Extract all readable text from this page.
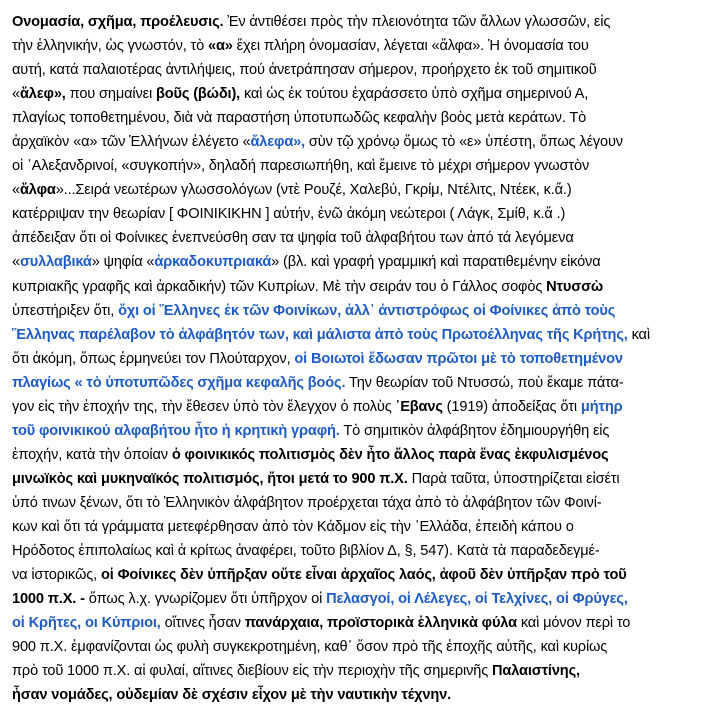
Ονομασία, σχῆμα, προέλευσις. Ἐν ἀντιθέσει πρὸς τὴν πλειονότητα τῶν ἄλλων γλωσσῶν, εἰς
τὴν ἑλληνικήν, ὡς γνωστόν, τὸ «α» ἔχει πλήρη ὀνομασίαν, λέγεται «ἄλφα». Ἡ ὀνομασία του
αυτή, κατά παλαιοτέρας ἀντιλήψεις, πού ἀνετράπησαν σήμερον, προήρχετο ἐκ τοῦ σημιτικοῦ
«ἄλεφ», που σημαίνει βοῦς (βώδι), καὶ ὡς ἐκ τούτου ἐχαράσσετο ὑπὸ σχῆμα σημερινού Α,
πλαγίως τοποθετημένου, διὰ νὰ παραστήση ὑποτυπωδῶς κεφαλὴν βοὸς μετὰ κεράτων. Τὸ
ἀρχαϊκὸν «α» τῶν Ἑλλήνων ἐλέγετο «ἄλεφα», σὺν τῷ χρόνῳ ὅμως τὸ «ε» ὑπέστη, ὅπως λέγουν
οἱ ᾿Αλεξανδρινοί, «συγκοπήν», δηλαδή παρεσιωπήθη, καὶ ἔμεινε τὸ μέχρι σήμερον γνωστὸν
«ἄλφα»...Σειρά νεωτέρων γλωσσολόγων (ντὲ Ρουζέ, Χαλεβύ, Γκρίμ, Ντέλιτς, Ντέεκ, κ.ἄ.)
κατέρριψαν την θεωρίαν [ ΦΟΙΝΙΚΙΚΗΝ ] αὐτήν, ἐνῶ ἀκόμη νεώτεροι ( Λάγκ, Σμίθ, κ.ἄ .)
ἀπέδειξαν ὅτι οἱ Φοίνικες ἐνεπνεύσθη σαν τα ψηφία τοῦ ἀλφαβήτου των ἀπό τά λεγόμενα
«συλλαβικά» ψηφία «ἀρκαδοκυπριακά» (βλ. καὶ γραφή γραμμική καὶ παρατιθεμένην εἰκόνα
κυπριακῆς γραφῆς καὶ ἀρκαδικήν) τῶν Κυπρίων. Μὲ τὴν σειράν του ὁ Γάλλος σοφὸς Ντυσσὼ
ὑπεστήριξεν ὅτι, ὄχι οἱ Ἕλληνες ἐκ τῶν Φοινίκων, ἀλλ᾽ ἀντιστρόφως οἱ Φοίνικες ἀπὸ τοὺς
Ἕλληνας παρέλαβον τὸ ἀλφάβητόν των, καὶ μάλιστα ἀπὸ τοὺς Πρωτοέλληνας τῆς Κρήτης, καὶ
ὅτι ἀκόμη, ὅπως ἑρμηνεύει τον Πλούταρχον, οἱ Βοιωτοὶ ἔδωσαν πρῶτοι μὲ τὸ τοποθετημένον
πλαγίως « τὸ ὑποτυπῶδες σχῆμα κεφαλῆς βοός. Την θεωρίαν τοῦ Ντυσσώ, ποὺ ἔκαμε πάτα-
γον εἰς τὴν ἐποχήν της, τὴν ἔθεσεν ὑπὸ τὸν ἔλεγχον ὁ πολὺς ῾Εβανς (1919) ἀποδείξας ὅτι μήτηρ
τοῦ φοινικικού αλφαβήτου ἦτο ἡ κρητικὴ γραφή. Τὸ σημιτικὸν ἀλφάβητον ἐδημιουργήθη εἰς
ἐποχήν, κατὰ τὴν ὁποίαν ὁ φοινικικός πολιτισμὸς δὲν ἦτο ἄλλος παρὰ ἕνας ἐκφυλισμένος
μινωϊκὸς καὶ μυκηναϊκός πολιτισμός, ἤτοι μετά το 900 π.Χ. Παρὰ ταῦτα, ὑποστηρίζεται εἰσέτι
ὑπό τινων ξένων, ὅτι τὸ Ἑλληνικὸν ἀλφάβητον προέρχεται τάχα ἀπὸ τὸ ἀλφάβητον τῶν Φοινί-
κων καὶ ὅτι τά γράμματα μετεφέρθησαν ἀπὸ τὸν Κάδμον εἰς τὴν ᾿Ελλάδα, ἐπειδὴ κάπου ο
Ηρόδοτος ἐπιπολαίως καὶ ἀ κρίτως ἀναφέρει, τοῦτο βιβλίον Δ, §, 547). Κατὰ τὰ παραδεδεγμέ-
να ἱστορικῶς, οἱ Φοίνικες δὲν ὑπῆρξαν οὔτε εἶναι ἀρχαῖος λαός, ἀφοῦ δὲν ὑπῆρξαν πρὸ τοῦ
1000 π.Χ. - ὅπως λ.χ. γνωρίζομεν ὅτι ὑπῆρχον οἱ Πελασγοί, οἱ Λέλεγες, οἱ Τελχίνες, οἱ Φρύγες,
οἱ Κρῆτες, οι Κύπριοι, οἵτινες ἦσαν πανάρχαια, προϊστορικὰ ἑλληνικὰ φύλα καὶ μόνον περὶ το
900 π.Χ. ἐμφανίζονται ὡς φυλὴ συγκεκροτημένη, καθ᾽ ὅσον πρὸ τῆς ἐποχῆς αὐτῆς, καὶ κυρίως
πρὸ τοῦ 1000 π.Χ. αἱ φυλαί, αἵτινες διεβίουν εἰς τὴν περιοχὴν τῆς σημερινῆς Παλαιστίνης,
ἦσαν νομάδες, οὐδεμίαν δὲ σχέσιν εἶχον μὲ τὴν ναυτικὴν τέχνην.
